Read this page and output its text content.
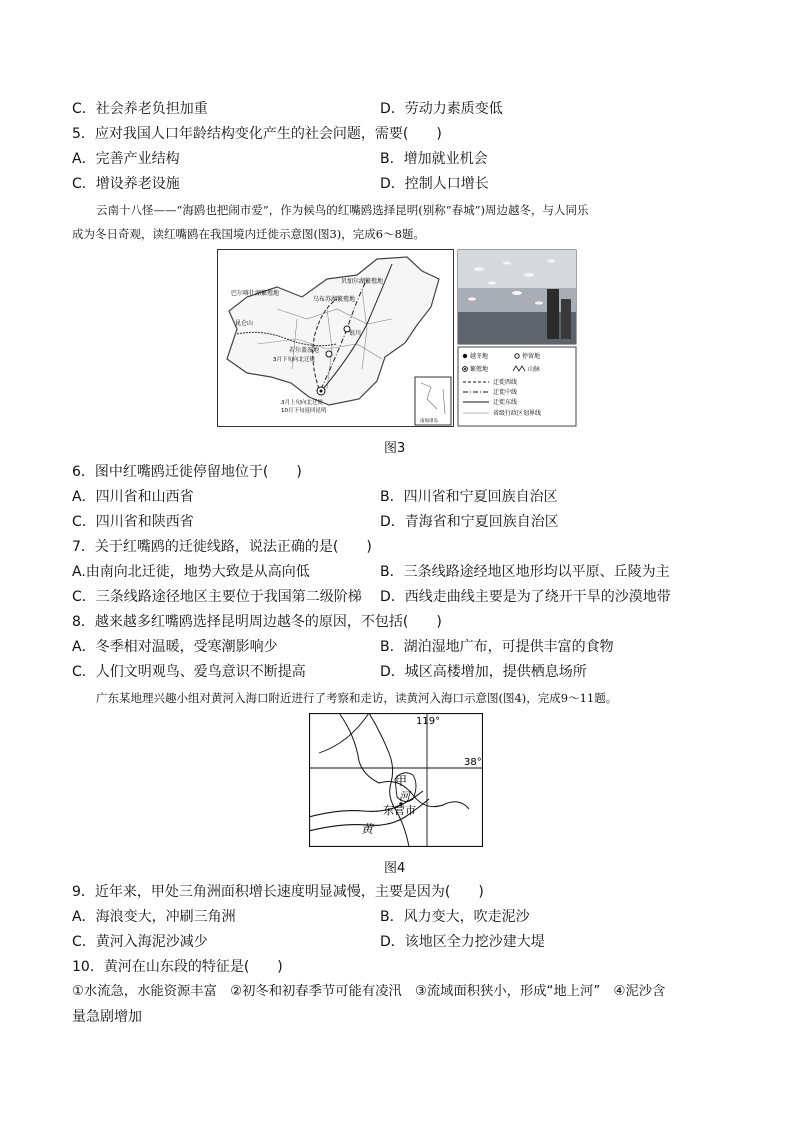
C．社会养老负担加重	D．劳动力素质变低
5．应对我国人口年龄结构变化产生的社会问题，需要(　　)
A．完善产业结构	B．增加就业机会
C．增设养老设施	D．控制人口增长
云南十八怪——“海鸥也把闹市爱”，作为候鸟的红嘴鸥选择昆明(别称“春城”)周边越冬，与人同乐
成为冬日奇观，读红嘴鸥在我国境内迁徙示意图(图3)，完成6～8题。
贝加尔湖繁殖地
乌布苏湖繁殖地
巴尔喀什湖繁殖地
昆仑山
银川
若尔盖湿地
3月下旬向北迁徙
3月上旬向北迁徙
10月下旬返回昆明
南海诸岛
越冬地	停留地
繁殖地	山脉
迁徙西线
迁徙中线
迁徙东线
省级行政区划界线
图3
6．图中红嘴鸥迁徙停留地位于(　　)
A．四川省和山西省	B．四川省和宁夏回族自治区
C．四川省和陕西省	D．青海省和宁夏回族自治区
7．关于红嘴鸥的迁徙线路，说法正确的是(　　)
A.由南向北迁徙，地势大致是从高向低	B．三条线路途经地区地形均以平原、丘陵为主
C．三条线路途径地区主要位于我国第二级阶梯 D．西线走曲线主要是为了绕开干旱的沙漠地带
8．越来越多红嘴鸥选择昆明周边越冬的原因，不包括(　　)
A．冬季相对温暖，受寒潮影响少	B．湖泊湿地广布，可提供丰富的食物
C．人们文明观鸟、爱鸟意识不断提高	D．城区高楼增加，提供栖息场所
广东某地理兴趣小组对黄河入海口附近进行了考察和走访，读黄河入海口示意图(图4)，完成9～11题。
119°
38°
甲
河
东营市
黄
图4
9．近年来，甲处三角洲面积增长速度明显减慢，主要是因为(　　)
A．海浪变大，冲刷三角洲	B．风力变大，吹走泥沙
C．黄河入海泥沙减少	D．该地区全力挖沙建大堤
10．黄河在山东段的特征是(　　)
①水流急，水能资源丰富　②初冬和初春季节可能有凌汛　③流域面积狭小，形成“地上河”　④泥沙含
量急剧增加
